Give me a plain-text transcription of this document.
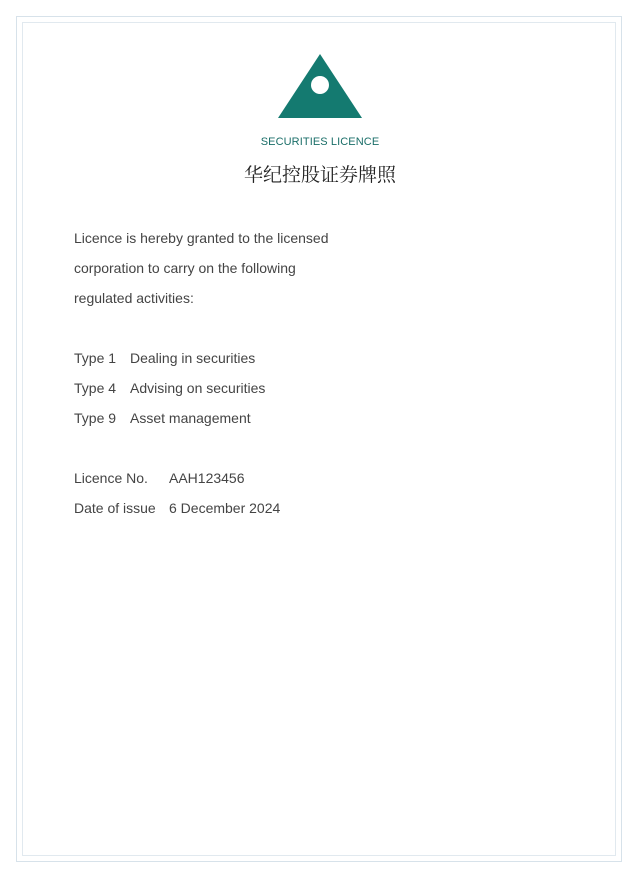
SECURITIES LICENCE
华纪控股证券牌照
Licence is hereby granted to the licensed
corporation to carry on the following
regulated activities:
Type 1 Dealing in securities
Type 4 Advising on securities
Type 9 Asset management
Licence No.	AAH123456
Date of issue 6 December 2024
